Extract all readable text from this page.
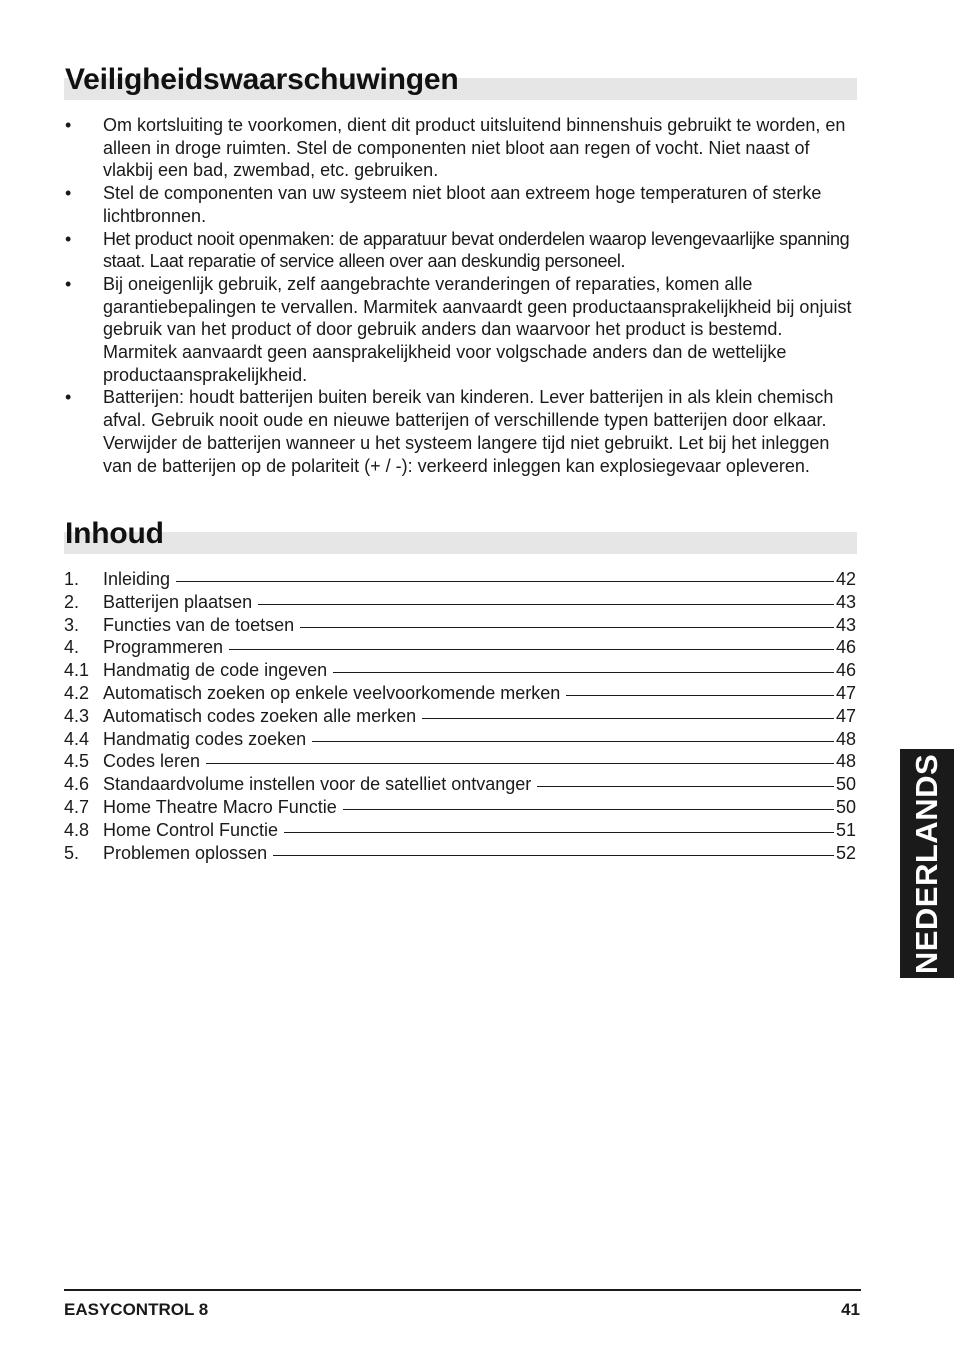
Veiligheidswaarschuwingen
• Om kortsluiting te voorkomen, dient dit product uitsluitend binnenshuis gebruikt te worden, en alleen in droge ruimten. Stel de componenten niet bloot aan regen of vocht. Niet naast of vlakbij een bad, zwembad, etc. gebruiken.
• Stel de componenten van uw systeem niet bloot aan extreem hoge temperaturen of sterke lichtbronnen.
• Het product nooit openmaken: de apparatuur bevat onderdelen waarop levengevaarlijke spanning staat. Laat reparatie of service alleen over aan deskundig personeel.
• Bij oneigenlijk gebruik, zelf aangebrachte veranderingen of reparaties, komen alle garantiebepalingen te vervallen. Marmitek aanvaardt geen productaansprakelijkheid bij onjuist gebruik van het product of door gebruik anders dan waarvoor het product is bestemd. Marmitek aanvaardt geen aansprakelijkheid voor volgschade anders dan de wettelijke productaansprakelijkheid.
• Batterijen: houdt batterijen buiten bereik van kinderen. Lever batterijen in als klein chemisch afval. Gebruik nooit oude en nieuwe batterijen of verschillende typen batterijen door elkaar. Verwijder de batterijen wanneer u het systeem langere tijd niet gebruikt. Let bij het inleggen van de batterijen op de polariteit (+ / -): verkeerd inleggen kan explosiegevaar opleveren.
Inhoud
1.	Inleiding	42
2.	Batterijen plaatsen	43
3.	Functies van de toetsen	43
4.	Programmeren	46
4.1 Handmatig de code ingeven	46
4.2 Automatisch zoeken op enkele veelvoorkomende merken	47
4.3 Automatisch codes zoeken alle merken	47
4.4 Handmatig codes zoeken	48
4.5 Codes leren	48
4.6 Standaardvolume instellen voor de satelliet ontvanger	50
4.7 Home Theatre Macro Functie	50
4.8 Home Control Functie	51
5.	Problemen oplossen	52 NEDERLANDS
EASYCONTROL 8	41
